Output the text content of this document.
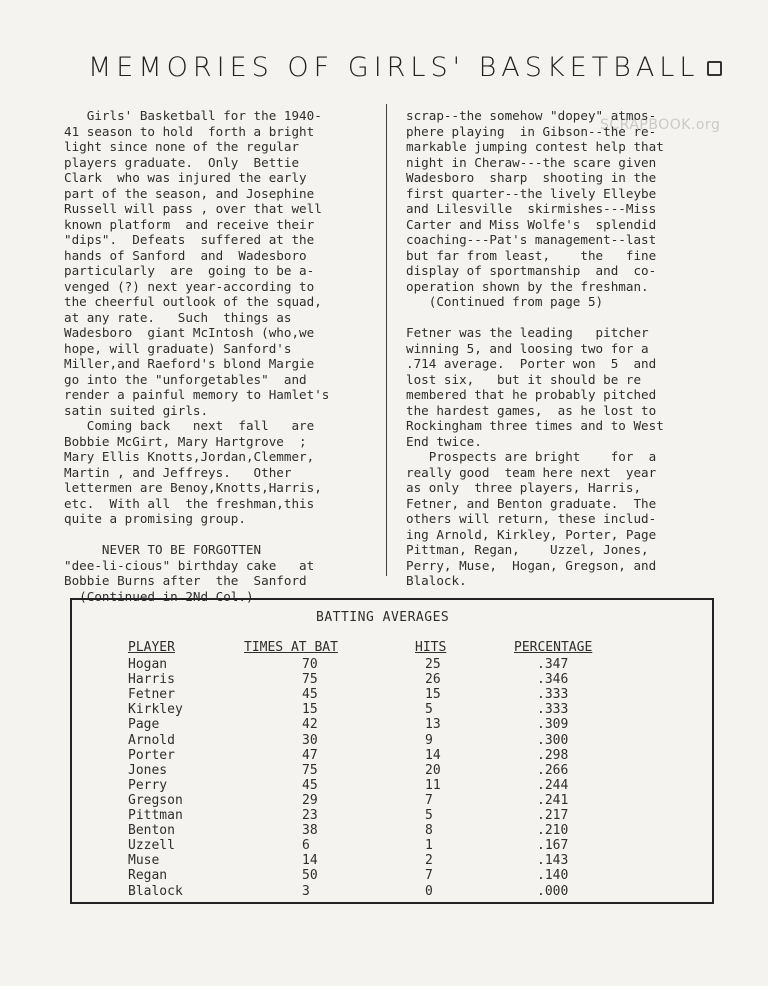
MEMORIES OF GIRLS' BASKETBALL
SCRAPBOOK.org
Girls' Basketball for the 1940-
41 season to hold  forth a bright
light since none of the regular
players graduate.  Only  Bettie
Clark  who was injured the early
part of the season, and Josephine
Russell will pass , over that well
known platform  and receive their
"dips".  Defeats  suffered at the
hands of Sanford  and  Wadesboro
particularly  are  going to be a-
venged (?) next year-according to
the cheerful outlook of the squad,
at any rate.   Such  things as
Wadesboro  giant McIntosh (who,we
hope, will graduate) Sanford's
Miller,and Raeford's blond Margie
go into the "unforgetables"  and
render a painful memory to Hamlet's
satin suited girls.
Coming back   next  fall   are
Bobbie McGirt, Mary Hartgrove  ;
Mary Ellis Knotts,Jordan,Clemmer,
Martin , and Jeffreys.   Other
lettermen are Benoy,Knotts,Harris,
etc.  With all  the freshman,this
quite a promising group.
NEVER TO BE FORGOTTEN
"dee-li-cious" birthday cake   at
Bobbie Burns after  the  Sanford
(Continued in 2Nd Col.)
scrap--the somehow "dopey" atmos-
phere playing  in Gibson--the re-
markable jumping contest help that
night in Cheraw---the scare given
Wadesboro  sharp  shooting in the
first quarter--the lively Elleybe
and Lilesville  skirmishes---Miss
Carter and Miss Wolfe's  splendid
coaching---Pat's management--last
but far from least,    the   fine
display of sportmanship  and  co-
operation shown by the freshman.
(Continued from page 5)
Fetner was the leading   pitcher
winning 5, and loosing two for a
.714 average.  Porter won  5  and
lost six,   but it should be re
membered that he probably pitched
the hardest games,  as he lost to
Rockingham three times and to West
End twice.
Prospects are bright    for  a
really good  team here next  year
as only  three players, Harris,
Fetner, and Benton graduate.  The
others will return, these includ-
ing Arnold, Kirkley, Porter, Page
Pittman, Regan,    Uzzel, Jones,
Perry, Muse,  Hogan, Gregson, and
Blalock.
BATTING AVERAGES
PLAYER	TIMES AT BAT	HITS	PERCENTAGE
Hogan	70	25	.347
Harris	75	26	.346
Fetner	45	15	.333
Kirkley	15	5	.333
Page	42	13	.309
Arnold	30	9	.300
Porter	47	14	.298
Jones	75	20	.266
Perry	45	11	.244
Gregson	29	7	.241
Pittman	23	5	.217
Benton	38	8	.210
Uzzell	6	1	.167
Muse	14	2	.143
Regan	50	7	.140
Blalock	3	0	.000
